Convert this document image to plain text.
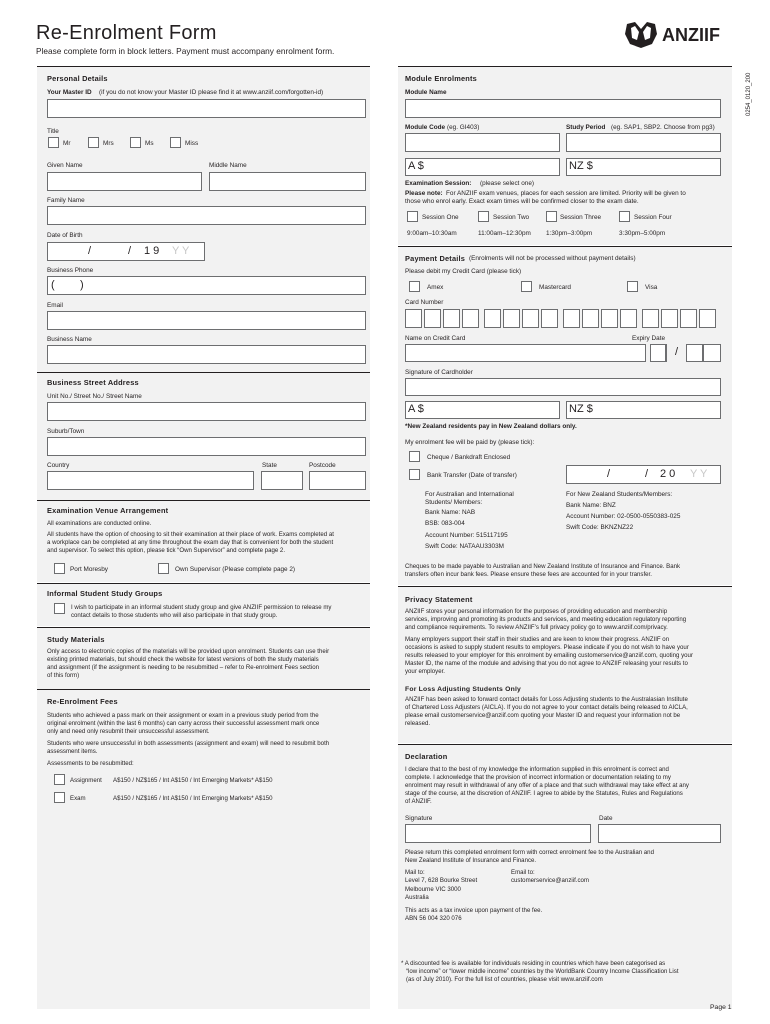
Re-Enrolment Form
Please complete form in block letters. Payment must accompany enrolment form.
ANZIIF
0254_0120_200
Personal Details
Your Master ID (if you do not know your Master ID please find it at www.anziif.com/forgotten-id)
Title
Mr	Mrs	Ms	Miss
Given Name	Middle Name
Family Name
Date of Birth
/	/ 1 9 Y Y
Business Phone
( )
Email
Business Name
Business Street Address
Unit No./ Street No./ Street Name
Suburb/Town
Country	State	Postcode
Examination Venue Arrangement
All examinations are conducted online.
All students have the option of choosing to sit their examination at their place of work. Exams completed at
a workplace can be completed at any time throughout the exam day that is convenient for both the student
and supervisor. To select this option, please tick “Own Supervisor” and complete page 2.
Port Moresby	Own Supervisor (Please complete page 2)
Informal Student Study Groups
I wish to participate in an informal student study group and give ANZIIF permission to release my
contact details to those students who will also participate in that study group.
Study Materials
Only access to electronic copies of the materials will be provided upon enrolment. Students can use their
existing printed materials, but should check the website for latest versions of both the study materials
and assignment (if the assignment is needing to be resubmitted – refer to Re-enrolment Fees section
of this form)
Re-Enrolment Fees
Students who achieved a pass mark on their assignment or exam in a previous study period from the
original enrolment (within the last 6 months) can carry across their successful assessment mark once
only and need only resubmit their unsuccessful assessment.
Students who were unsuccessful in both assessments (assignment and exam) will need to resubmit both
assessment items.
Assessments to be resubmitted:
Assignment A$150 / NZ$165 / Int A$150 / Int Emerging Markets* A$150
Exam	A$150 / NZ$165 / Int A$150 / Int Emerging Markets* A$150
Module Enrolments
Module Name
Module Code (eg. GI403)	Study Period (eg. SAP1, SBP2. Choose from pg3)
A $	NZ $
Examination Session: (please select one)
Please note: For ANZIIF exam venues, places for each session are limited. Priority will be given to
those who enrol early. Exact exam times will be confirmed closer to the exam date.
Session One	Session Two	Session Three	Session Four
9:00am–10:30am	11:00am–12:30pm 1:30pm–3:00pm	3:30pm–5:00pm
Payment Details (Enrolments will not be processed without payment details)
Please debit my Credit Card (please tick)
Amex	Mastercard	Visa
Card Number
Name on Credit Card	Expiry Date
/
Signature of Cardholder
A $	NZ $
*New Zealand residents pay in New Zealand dollars only.
My enrolment fee will be paid by (please tick):
Cheque / Bankdraft Enclosed
Bank Transfer (Date of transfer)	/	/ 2 0 Y Y
For Australian and International
Students/ Members:
Bank Name: NAB
BSB: 083-004
Account Number: 515117195
Swift Code: NATAAU3303M
For New Zealand Students/Members:
Bank Name: BNZ
Account Number: 02-0500-0550383-025
Swift Code: BKNZNZ22
Cheques to be made payable to Australian and New Zealand Institute of Insurance and Finance. Bank
transfers often incur bank fees. Please ensure these fees are accounted for in your transfer.
Privacy Statement
ANZIIF stores your personal information for the purposes of providing education and membership
services, improving and promoting its products and services, and meeting education regulatory reporting
and compliance requirements. To review ANZIIF’s full privacy policy go to www.anziif.com/privacy.
Many employers support their staff in their studies and are keen to know their progress. ANZIIF on
occasions is asked to supply student results to employers. Please indicate if you do not wish to have your
results released to your employer for this enrolment by emailing customerservice@anziif.com, quoting your
Master ID, the name of the module and advising that you do not agree to ANZIIF releasing your results to
your employer.
For Loss Adjusting Students Only
ANZIIF has been asked to forward contact details for Loss Adjusting students to the Australasian Institute
of Chartered Loss Adjusters (AICLA). If you do not agree to your contact details being released to AICLA,
please email customerservice@anziif.com quoting your Master ID and request your information not be
released.
Declaration
I declare that to the best of my knowledge the information supplied in this enrolment is correct and
complete. I acknowledge that the provision of incorrect information or documentation relating to my
enrolment may result in withdrawal of any offer of a place and that such withdrawal may take effect at any
stage of the course, at the discretion of ANZIIF. I agree to abide by the Statutes, Rules and Regulations
of ANZIIF.
Signature	Date
Please return this completed enrolment form with correct enrolment fee to the Australian and
New Zealand Institute of Insurance and Finance.
Mail to:
Level 7, 628 Bourke Street
Melbourne VIC 3000
Australia
Email to:
customerservice@anziif.com
This acts as a tax invoice upon payment of the fee.
ABN 56 004 320 076
* A discounted fee is available for individuals residing in countries which have been categorised as
“low income” or “lower middle income” countries by the WorldBank Country Income Classification List
(as of July 2010). For the full list of countries, please visit www.anziif.com
Page 1
